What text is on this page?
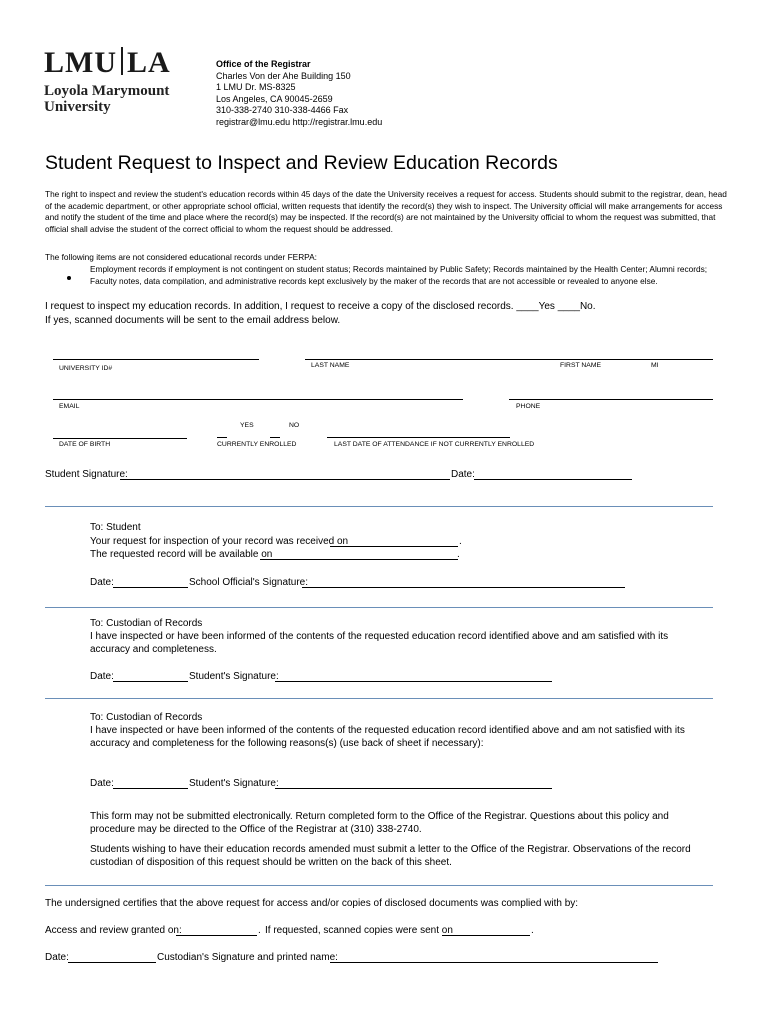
LMU LA
Loyola Marymount
University
Office of the Registrar
Charles Von der Ahe Building 150
1 LMU Dr. MS-8325
Los Angeles, CA 90045-2659
310-338-2740 310-338-4466 Fax
registrar@lmu.edu http://registrar.lmu.edu
Student Request to Inspect and Review Education Records
The right to inspect and review the student's education records within 45 days of the date the University receives a request for access. Students should submit to the registrar, dean, head of the academic department, or other appropriate school official, written requests that identify the record(s) they wish to inspect. The University official will make arrangements for access and notify the student of the time and place where the record(s) may be inspected. If the record(s) are not maintained by the University official to whom the request was submitted, that official shall advise the student of the correct official to whom the request should be addressed.
The following items are not considered educational records under FERPA:
Employment records if employment is not contingent on student status; Records maintained by Public Safety; Records maintained by the Health Center; Alumni records; Faculty notes, data compilation, and administrative records kept exclusively by the maker of the records that are not accessible or revealed to anyone else.
I request to inspect my education records. In addition, I request to receive a copy of the disclosed records. ____Yes ____No.
If yes, scanned documents will be sent to the email address below.
UNIVERSITY ID#	LAST NAME	FIRST NAME	MI
EMAIL	PHONE
YES	NO
DATE OF BIRTH	CURRENTLY ENROLLED	LAST DATE OF ATTENDANCE IF NOT CURRENTLY ENROLLED
Student Signature:	Date:
To: Student
Your request for inspection of your record was received on	.
The requested record will be available on	.
Date:	School Official's Signature:
To: Custodian of Records
I have inspected or have been informed of the contents of the requested education record identified above and am satisfied with its accuracy and completeness.
Date:	Student's Signature:
To: Custodian of Records
I have inspected or have been informed of the contents of the requested education record identified above and am not satisfied with its accuracy and completeness for the following reasons(s) (use back of sheet if necessary):
Date:	Student's Signature:
This form may not be submitted electronically. Return completed form to the Office of the Registrar. Questions about this policy and procedure may be directed to the Office of the Registrar at (310) 338-2740.
Students wishing to have their education records amended must submit a letter to the Office of the Registrar. Observations of the record custodian of disposition of this request should be written on the back of this sheet.
The undersigned certifies that the above request for access and/or copies of disclosed documents was complied with by:
Access and review granted on:	. If requested, scanned copies were sent on	.
Date:	Custodian's Signature and printed name:
